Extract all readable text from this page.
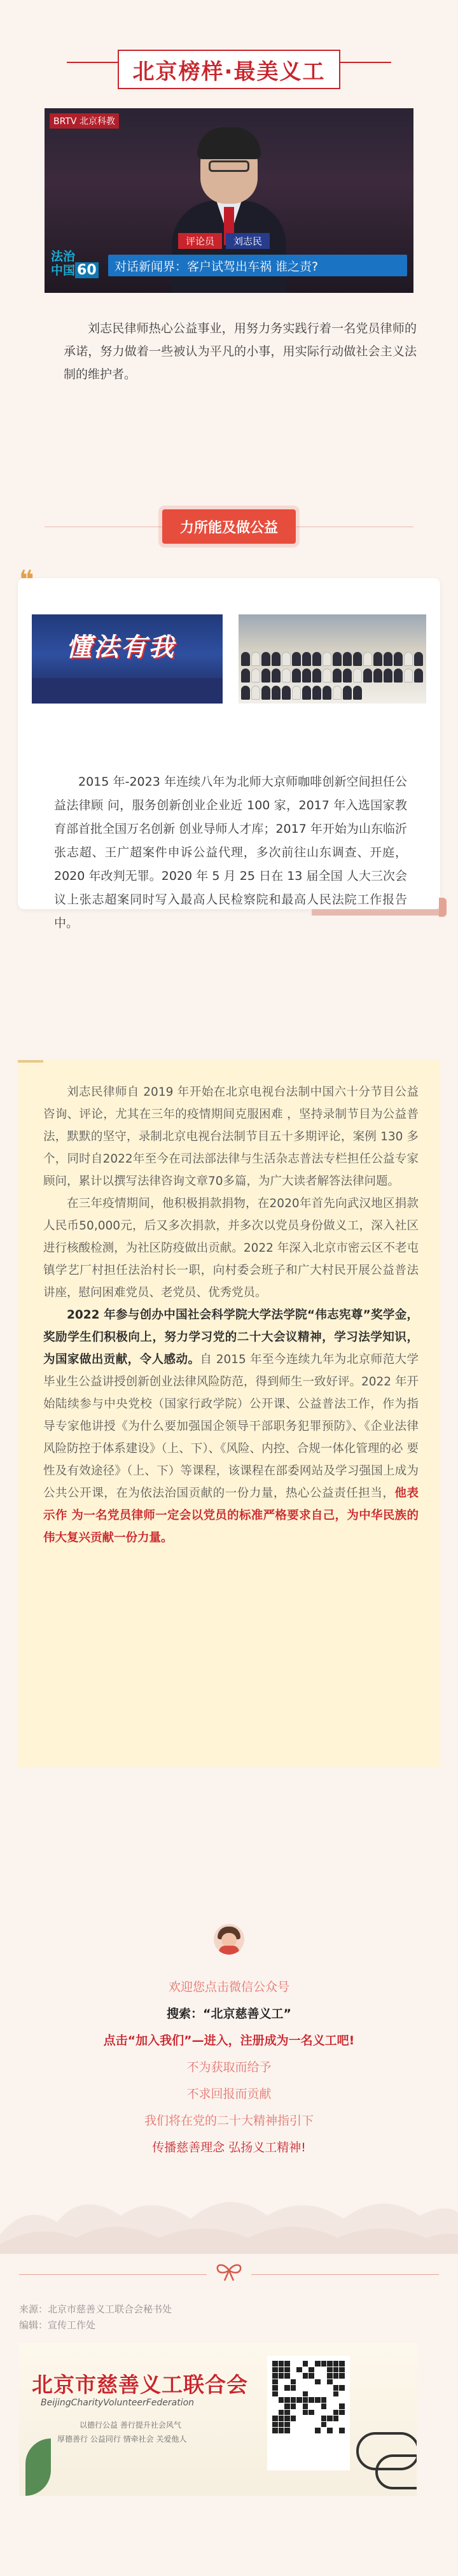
北京榜样·最美义工
BRTV 北京科教
法治
中国 60
评论员	刘志民
对话新闻界：客户试驾出车祸 谁之责?
刘志民律师热心公益事业，用努力务实践行着一名党员律师的承诺，努力做着一些被认为平凡的小事，用实际行动做社会主义法制的维护者。
力所能及做公益
❝
懂法有我
2015 年-2023 年连续八年为北师大京师咖啡创新空间担任公益法律顾 问，服务创新创业企业近 100 家，2017 年入选国家教育部首批全国万名创新 创业导师人才库；2017 年开始为山东临沂张志超、王广超案件申诉公益代理，多次前往山东调查、开庭，2020 年改判无罪。2020 年 5 月 25 日在 13 届全国 人大三次会议上张志超案同时写入最高人民检察院和最高人民法院工作报告中。
刘志民律师自 2019 年开始在北京电视台法制中国六十分节目公益咨询、评论，尤其在三年的疫情期间克服困难 ，坚持录制节目为公益普法，默默的坚守，录制北京电视台法制节目五十多期评论，案例 130 多个，同时自2022年至今在司法部法律与生活杂志普法专栏担任公益专家顾问，累计以撰写法律咨询文章70多篇，为广大读者解答法律问题。
在三年疫情期间，他积极捐款捐物，在2020年首先向武汉地区捐款人民币50,000元，后又多次捐款，并多次以党员身份做义工，深入社区进行核酸检测，为社区防疫做出贡献。2022 年深入北京市密云区不老屯镇学艺厂村担任法治村长一职，向村委会班子和广大村民开展公益普法讲座，慰问困难党员、老党员、优秀党员。
2022 年参与创办中国社会科学院大学法学院“伟志宪尊”奖学金，奖励学生们积极向上，努力学习党的二十大会议精神，学习法学知识，为国家做出贡献，令人感动。自 2015 年至今连续九年为北京师范大学毕业生公益讲授创新创业法律风险防范，得到师生一致好评。2022 年开始陆续参与中央党校（国家行政学院）公开课、公益普法工作，作为指导专家他讲授《为什么要加强国企领导干部职务犯罪预防》、《企业法律风险防控于体系建设》（上、下）、《风险、内控、合规一体化管理的必 要性及有效途径》（上、下）等课程，该课程在部委网站及学习强国上成为 公共公开课，在为依法治国贡献的一份力量，热心公益责任担当，他表示作 为一名党员律师一定会以党员的标准严格要求自己，为中华民族的伟大复兴贡献一份力量。
欢迎您点击微信公众号
搜索：“北京慈善义工”
点击“加入我们”—进入，注册成为一名义工吧!
不为获取而给予
不求回报而贡献
我们将在党的二十大精神指引下
传播慈善理念 弘扬义工精神!
来源：北京市慈善义工联合会秘书处
编辑：宣传工作处
北京市慈善义工联合会
BeijingCharityVolunteerFederation
以德行公益 善行提升社会风气
厚德善行 公益同行 情牵社会 关爱他人
